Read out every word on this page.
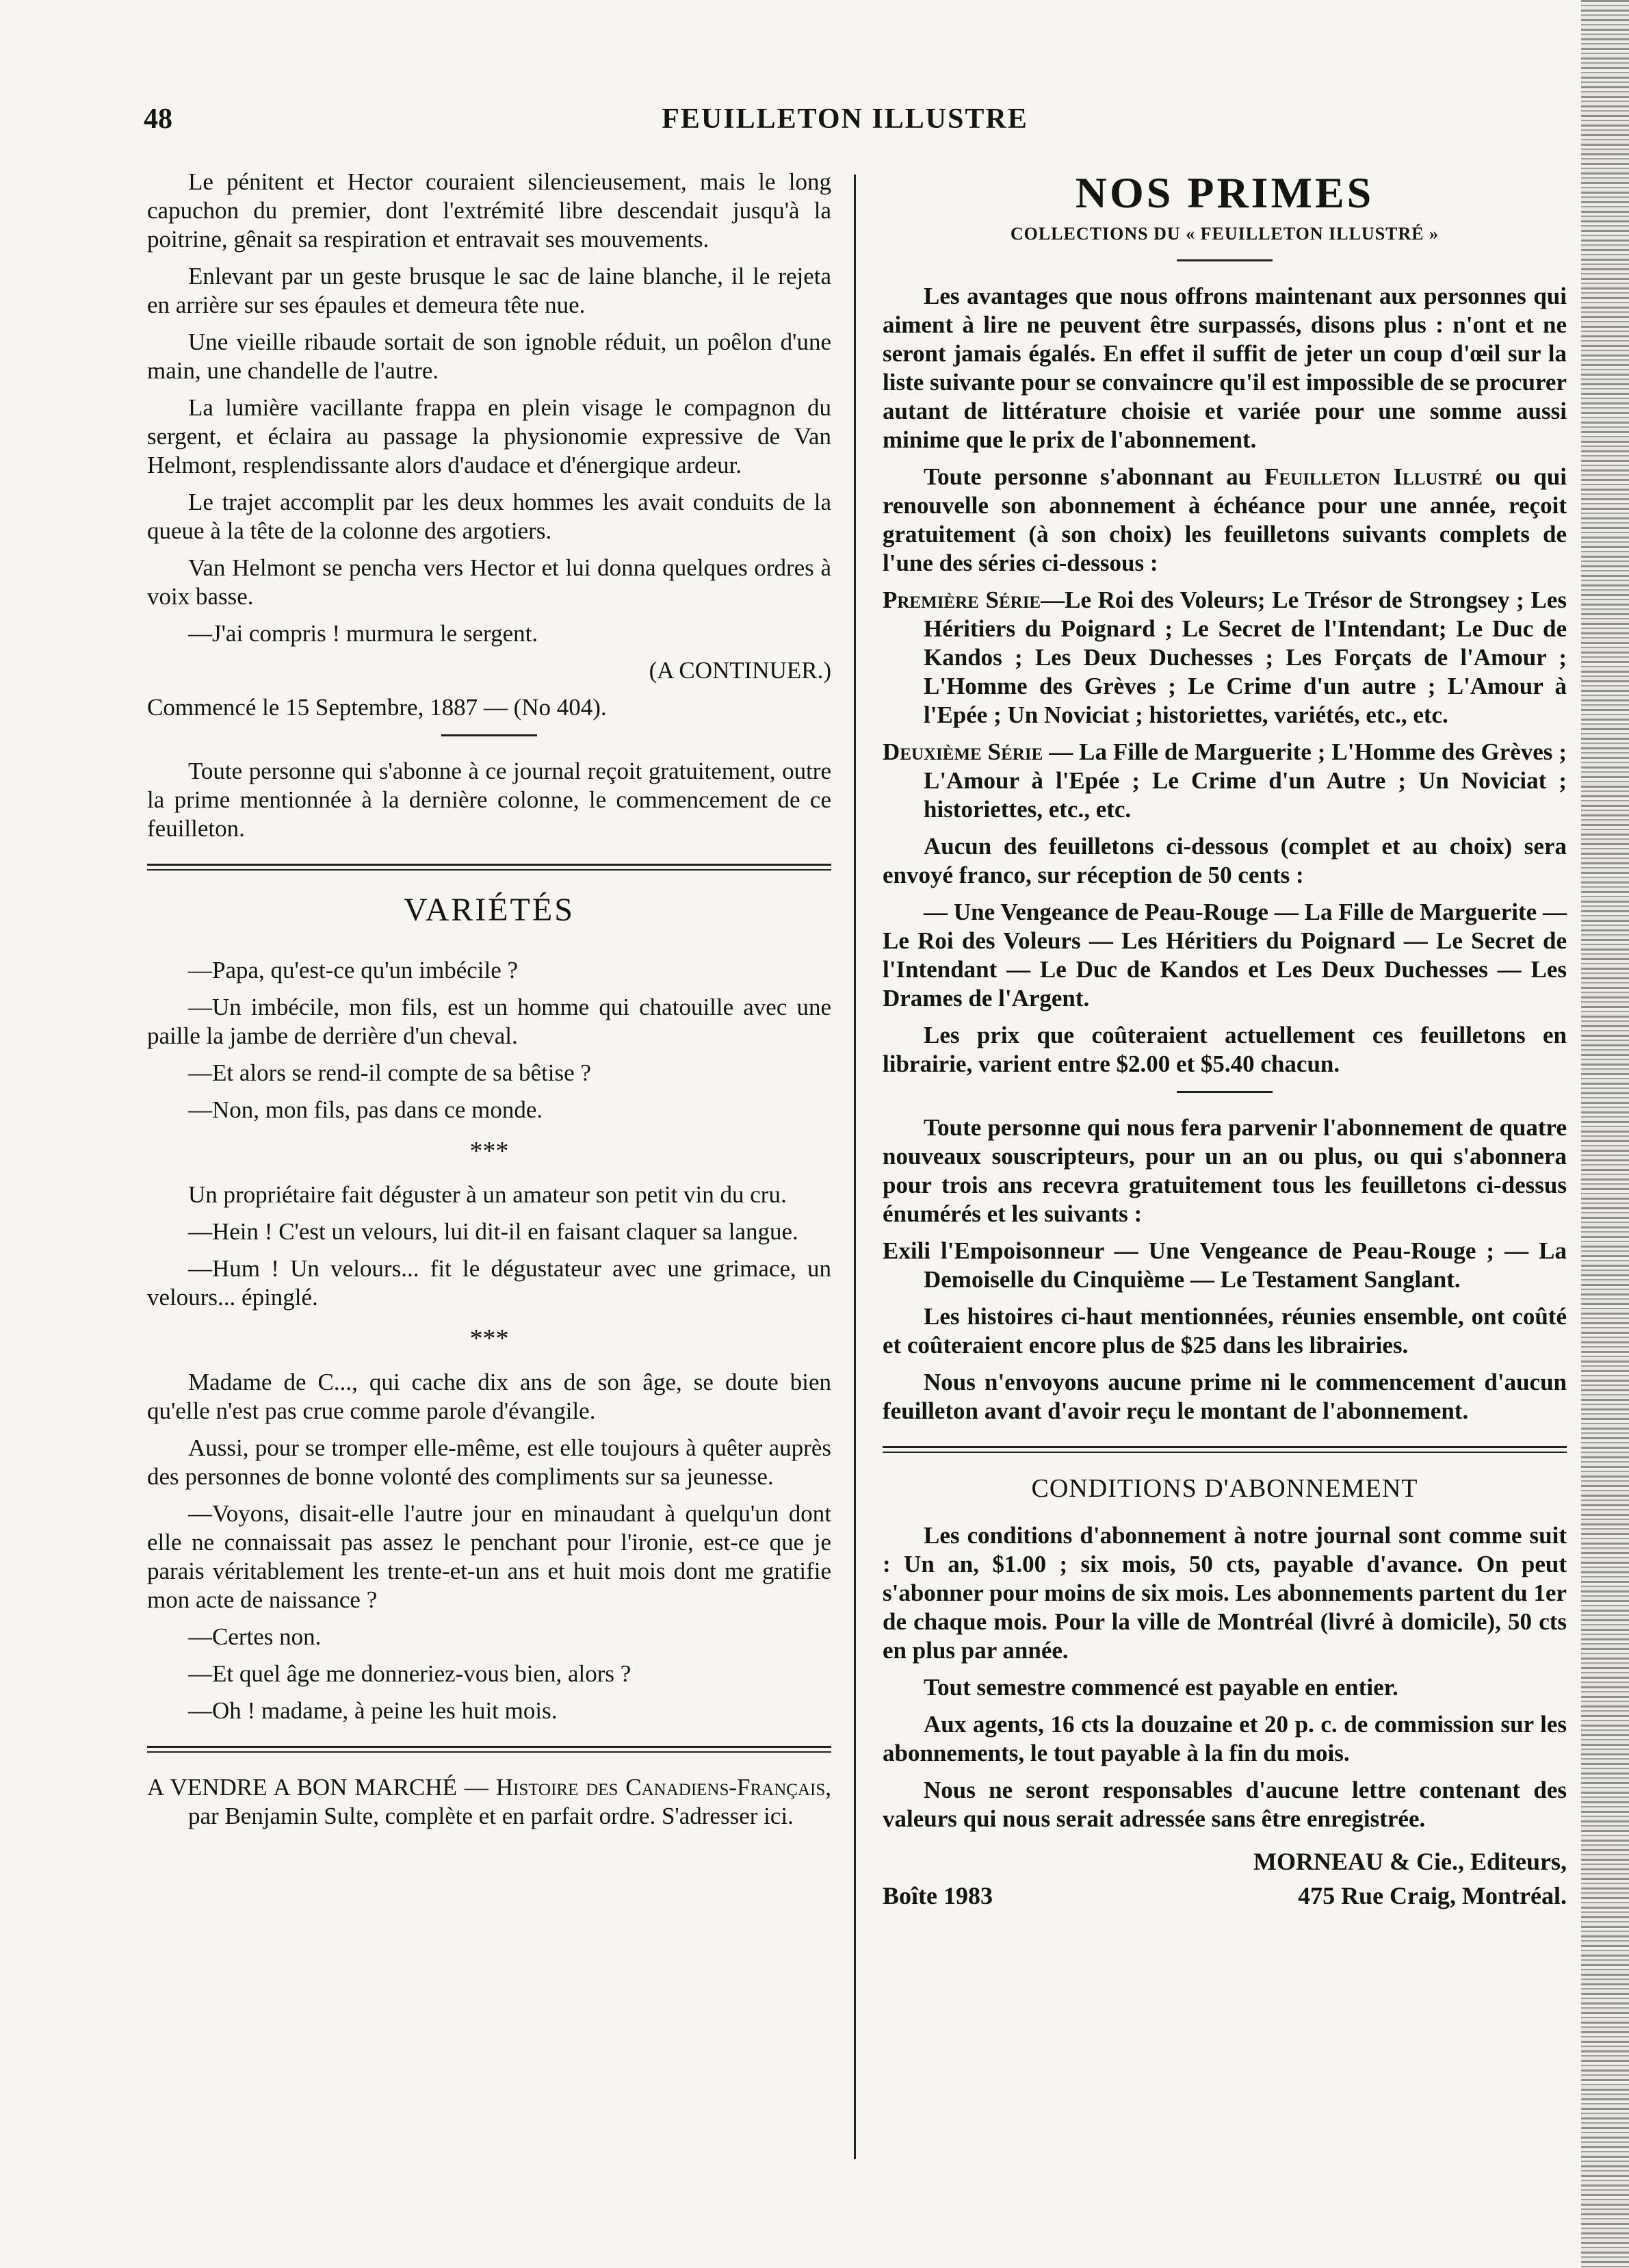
48	FEUILLETON ILLUSTRE

Le pénitent et Hector couraient silencieusement, mais le long capuchon du premier, dont l'extrémité libre descendait jusqu'à la poitrine, gênait sa respiration et entravait ses mouvements.

Enlevant par un geste brusque le sac de laine blanche, il le rejeta en arrière sur ses épaules et demeura tête nue.

Une vieille ribaude sortait de son ignoble réduit, un poêlon d'une main, une chandelle de l'autre.

La lumière vacillante frappa en plein visage le compagnon du sergent, et éclaira au passage la physionomie expressive de Van Helmont, resplendissante alors d'audace et d'énergique ardeur.

Le trajet accomplit par les deux hommes les avait conduits de la queue à la tête de la colonne des argotiers.

Van Helmont se pencha vers Hector et lui donna quelques ordres à voix basse.

—J'ai compris ! murmura le sergent.

(A CONTINUER.)

Commencé le 15 Septembre, 1887 — (No 404).

Toute personne qui s'abonne à ce journal reçoit gratuitement, outre la prime mentionnée à la dernière colonne, le commencement de ce feuilleton.

VARIÉTÉS

—Papa, qu'est-ce qu'un imbécile ?

—Un imbécile, mon fils, est un homme qui chatouille avec une paille la jambe de derrière d'un cheval.

—Et alors se rend-il compte de sa bêtise ?

—Non, mon fils, pas dans ce monde.

***

Un propriétaire fait déguster à un amateur son petit vin du cru.

—Hein ! C'est un velours, lui dit-il en faisant claquer sa langue.

—Hum ! Un velours... fit le dégustateur avec une grimace, un velours... épinglé.

***

Madame de C..., qui cache dix ans de son âge, se doute bien qu'elle n'est pas crue comme parole d'évangile.

Aussi, pour se tromper elle-même, est elle toujours à quêter auprès des personnes de bonne volonté des compliments sur sa jeunesse.

—Voyons, disait-elle l'autre jour en minaudant à quelqu'un dont elle ne connaissait pas assez le penchant pour l'ironie, est-ce que je parais véritablement les trente-et-un ans et huit mois dont me gratifie mon acte de naissance ?

—Certes non.

—Et quel âge me donneriez-vous bien, alors ?

—Oh ! madame, à peine les huit mois.

A VENDRE A BON MARCHÉ — Histoire des Canadiens-Français, par Benjamin Sulte, complète et en parfait ordre. S'adresser ici.

NOS PRIMES
COLLECTIONS DU « FEUILLETON ILLUSTRÉ »

Les avantages que nous offrons maintenant aux personnes qui aiment à lire ne peuvent être surpassés, disons plus : n'ont et ne seront jamais égalés. En effet il suffit de jeter un coup d'œil sur la liste suivante pour se convaincre qu'il est impossible de se procurer autant de littérature choisie et variée pour une somme aussi minime que le prix de l'abonnement.

Toute personne s'abonnant au Feuilleton Illustré ou qui renouvelle son abonnement à échéance pour une année, reçoit gratuitement (à son choix) les feuilletons suivants complets de l'une des séries ci-dessous :

Première Série—Le Roi des Voleurs; Le Trésor de Strongsey ; Les Héritiers du Poignard ; Le Secret de l'Intendant; Le Duc de Kandos ; Les Deux Duchesses ; Les Forçats de l'Amour ; L'Homme des Grèves ; Le Crime d'un autre ; L'Amour à l'Epée ; Un Noviciat ; historiettes, variétés, etc., etc.

Deuxième Série — La Fille de Marguerite ; L'Homme des Grèves ; L'Amour à l'Epée ; Le Crime d'un Autre ; Un Noviciat ; historiettes, etc., etc.

Aucun des feuilletons ci-dessous (complet et au choix) sera envoyé franco, sur réception de 50 cents :

— Une Vengeance de Peau-Rouge — La Fille de Marguerite — Le Roi des Voleurs — Les Héritiers du Poignard — Le Secret de l'Intendant — Le Duc de Kandos et Les Deux Duchesses — Les Drames de l'Argent.

Les prix que coûteraient actuellement ces feuilletons en librairie, varient entre $2.00 et $5.40 chacun.

Toute personne qui nous fera parvenir l'abonnement de quatre nouveaux souscripteurs, pour un an ou plus, ou qui s'abonnera pour trois ans recevra gratuitement tous les feuilletons ci-dessus énumérés et les suivants :

Exili l'Empoisonneur — Une Vengeance de Peau-Rouge ; — La Demoiselle du Cinquième — Le Testament Sanglant.

Les histoires ci-haut mentionnées, réunies ensemble, ont coûté et coûteraient encore plus de $25 dans les librairies.

Nous n'envoyons aucune prime ni le commencement d'aucun feuilleton avant d'avoir reçu le montant de l'abonnement.

CONDITIONS D'ABONNEMENT

Les conditions d'abonnement à notre journal sont comme suit : Un an, $1.00 ; six mois, 50 cts, payable d'avance. On peut s'abonner pour moins de six mois. Les abonnements partent du 1er de chaque mois. Pour la ville de Montréal (livré à domicile), 50 cts en plus par année.

Tout semestre commencé est payable en entier.

Aux agents, 16 cts la douzaine et 20 p. c. de commission sur les abonnements, le tout payable à la fin du mois.

Nous ne seront responsables d'aucune lettre contenant des valeurs qui nous serait adressée sans être enregistrée.

MORNEAU & Cie., Editeurs,
Boîte 1983	475 Rue Craig, Montréal.
